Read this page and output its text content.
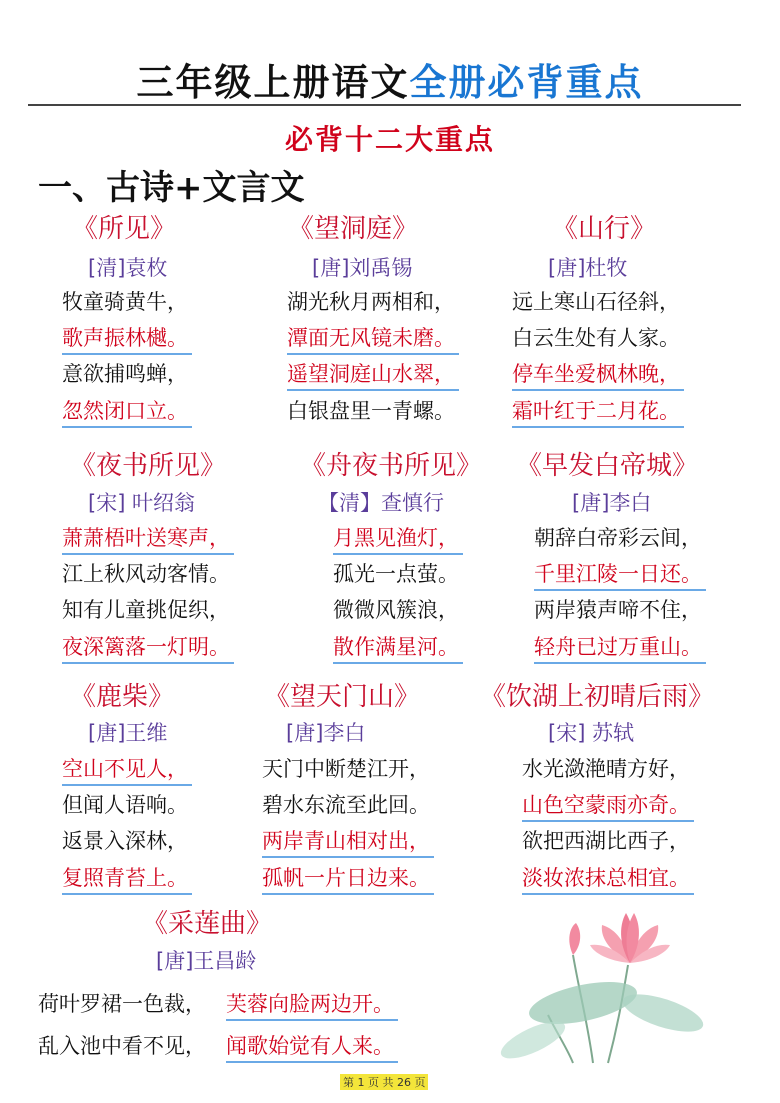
三年级上册语文全册必背重点
必背十二大重点
一、古诗+文言文
《所见》
[清]袁枚
牧童骑黄牛，
歌声振林樾。
意欲捕鸣蝉，
忽然闭口立。
《望洞庭》
[唐]刘禹锡
湖光秋月两相和，
潭面无风镜未磨。
遥望洞庭山水翠，
白银盘里一青螺。
《山行》
[唐]杜牧
远上寒山石径斜，
白云生处有人家。
停车坐爱枫林晚，
霜叶红于二月花。
《夜书所见》
[宋] 叶绍翁
萧萧梧叶送寒声，
江上秋风动客情。
知有儿童挑促织，
夜深篱落一灯明。
《舟夜书所见》
【清】查慎行
月黑见渔灯，
孤光一点萤。
微微风簇浪，
散作满星河。
《早发白帝城》
[唐]李白
朝辞白帝彩云间，
千里江陵一日还。
两岸猿声啼不住，
轻舟已过万重山。
《鹿柴》
[唐]王维
空山不见人，
但闻人语响。
返景入深林，
复照青苔上。
《望天门山》
[唐]李白
天门中断楚江开，
碧水东流至此回。
两岸青山相对出，
孤帆一片日边来。
《饮湖上初晴后雨》
[宋] 苏轼
水光潋滟晴方好，
山色空蒙雨亦奇。
欲把西湖比西子，
淡妆浓抹总相宜。
《采莲曲》
[唐]王昌龄
荷叶罗裙一色裁， 芙蓉向脸两边开。
乱入池中看不见， 闻歌始觉有人来。
第 1 页 共 26 页
